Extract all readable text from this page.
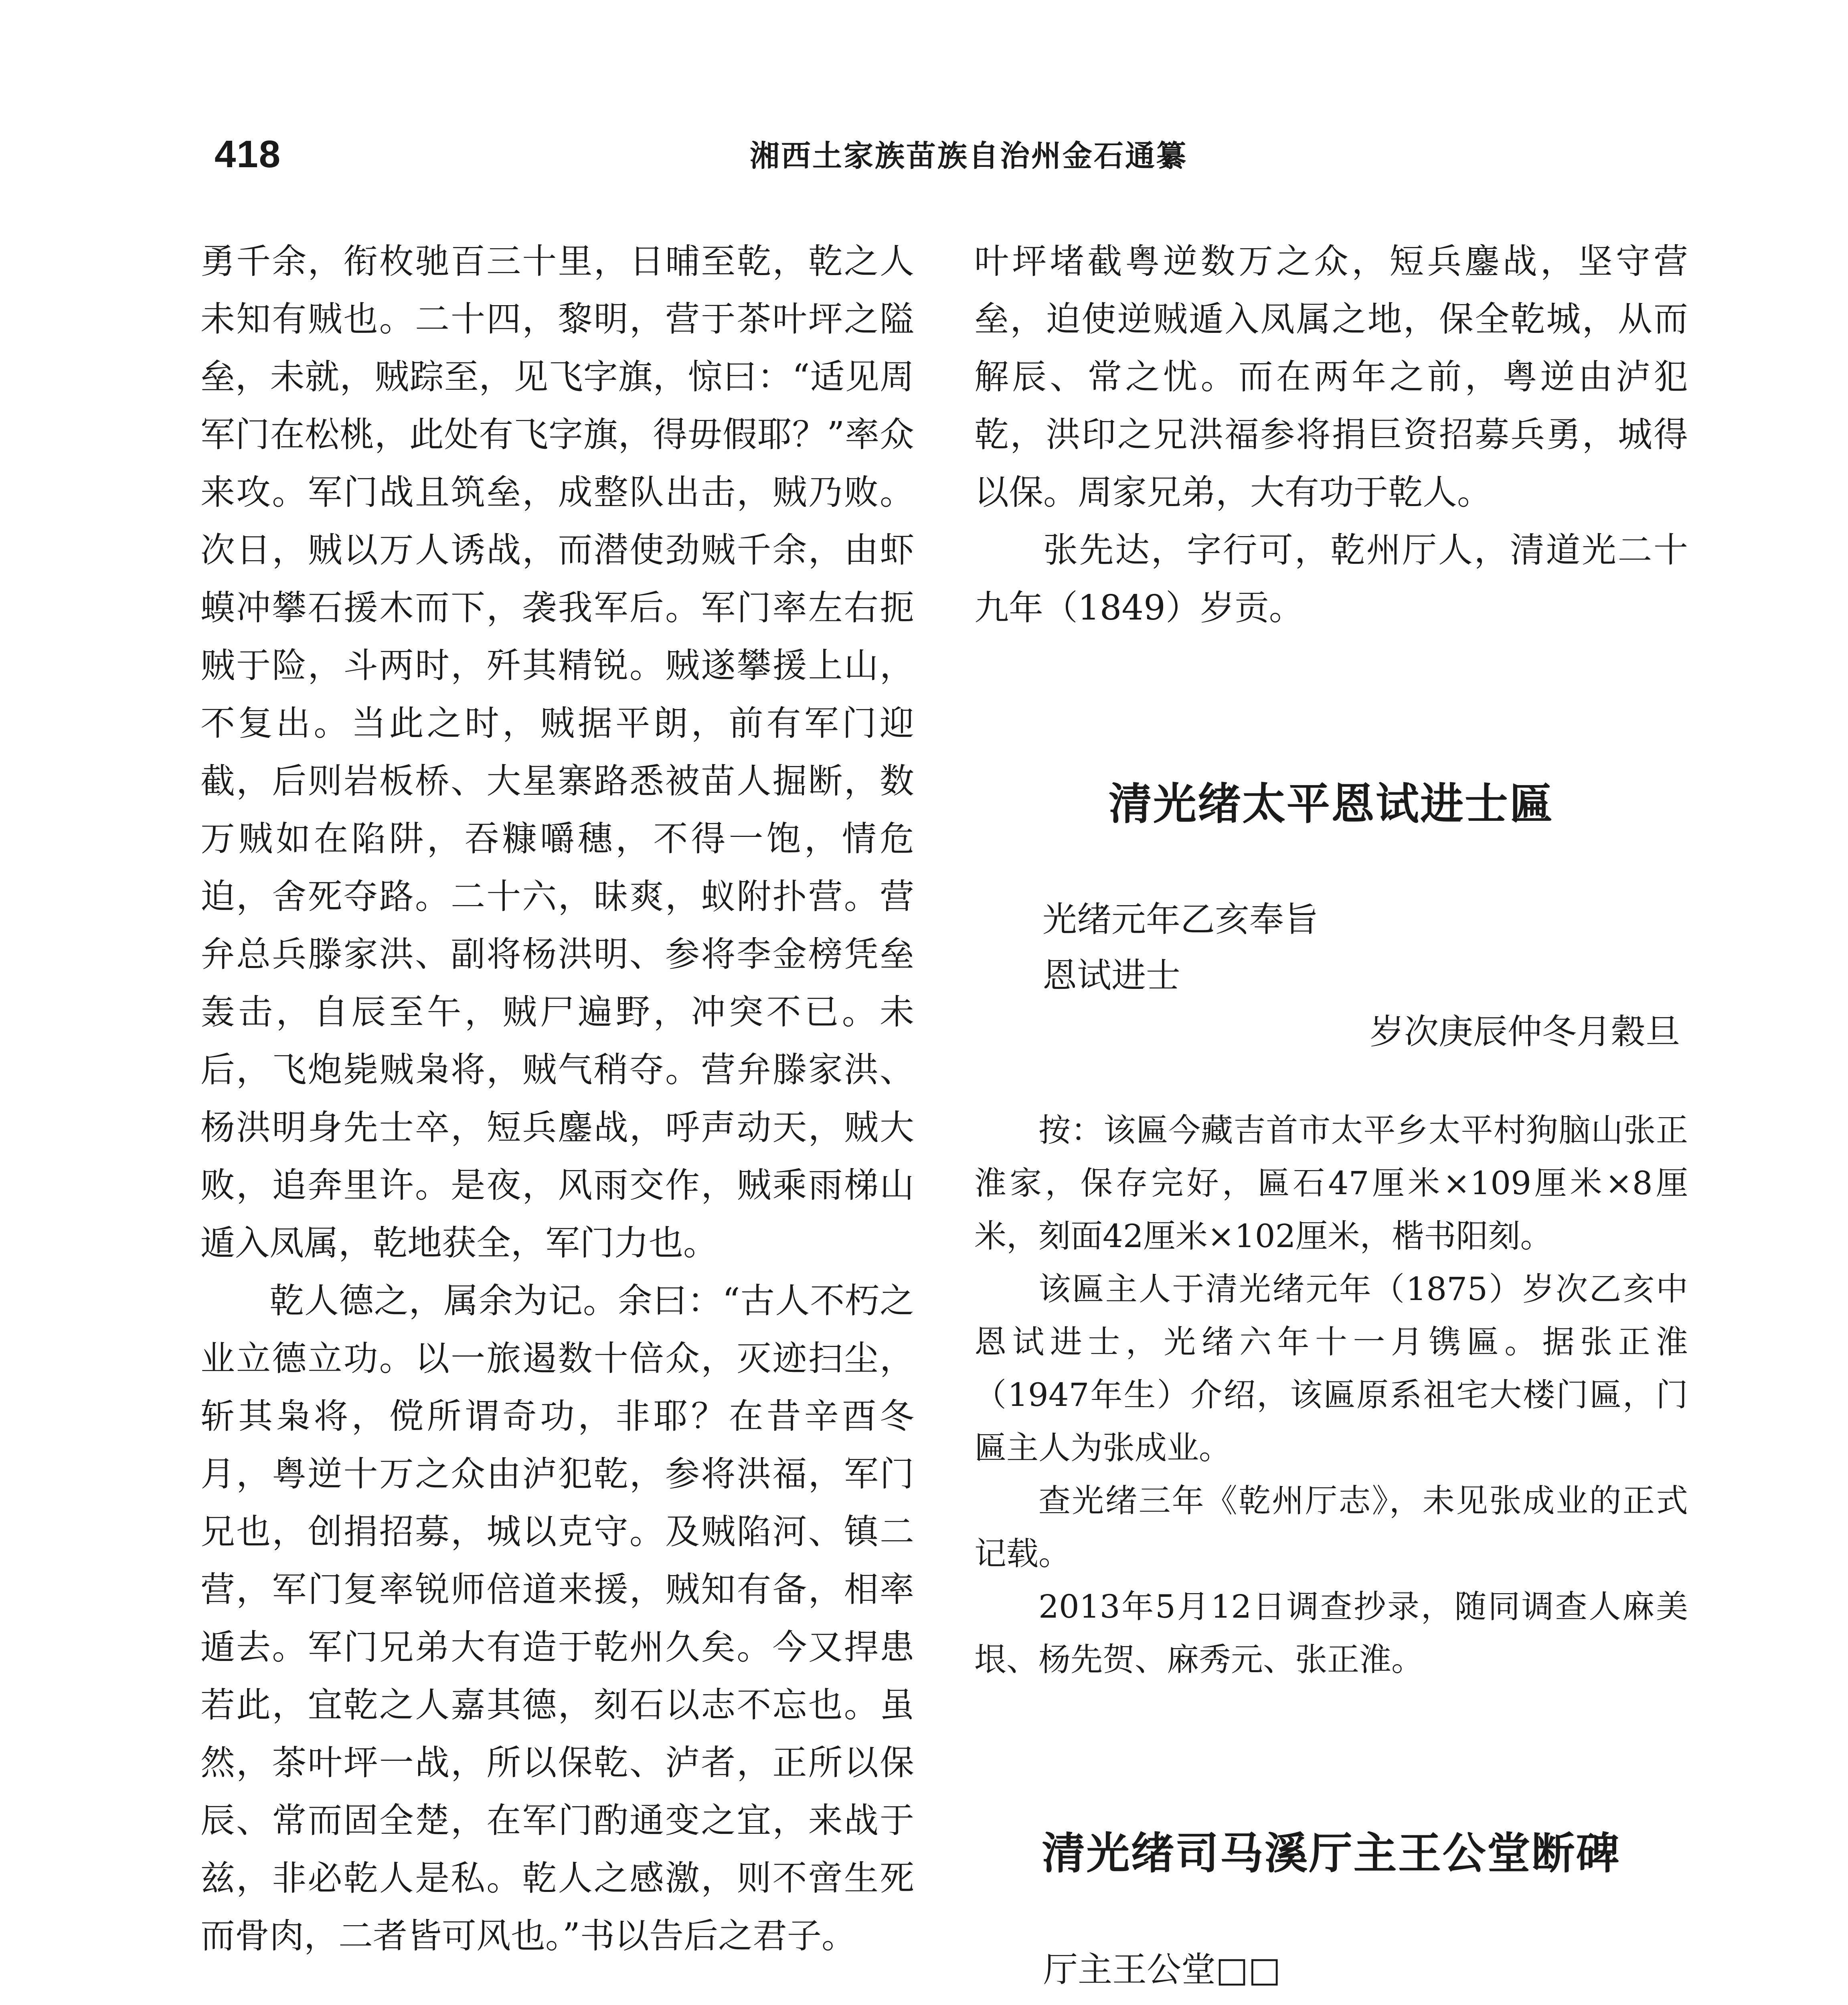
418	湘西土家族苗族自治州金石通纂

勇千余，衔枚驰百三十里，日晡至乾，乾之人未知有贼也。二十四，黎明，营于茶叶坪之隘垒，未就，贼踪至，见飞字旗，惊曰：“适见周军门在松桃，此处有飞字旗，得毋假耶？”率众来攻。军门战且筑垒，成整队出击，贼乃败。次日，贼以万人诱战，而潜使劲贼千余，由虾蟆冲攀石援木而下，袭我军后。军门率左右扼贼于险，斗两时，歼其精锐。贼遂攀援上山，不复出。当此之时，贼据平朗，前有军门迎截，后则岩板桥、大星寨路悉被苗人掘断，数万贼如在陷阱，吞糠嚼穗，不得一饱，情危迫，舍死夺路。二十六，昧爽，蚁附扑营。营弁总兵滕家洪、副将杨洪明、参将李金榜凭垒轰击，自辰至午，贼尸遍野，冲突不已。未后，飞炮毙贼枭将，贼气稍夺。营弁滕家洪、杨洪明身先士卒，短兵鏖战，呼声动天，贼大败，追奔里许。是夜，风雨交作，贼乘雨梯山遁入凤属，乾地获全，军门力也。

乾人德之，属余为记。余曰：“古人不朽之业立德立功。以一旅遏数十倍众，灭迹扫尘，斩其枭将，傥所谓奇功，非耶？在昔辛酉冬月，粤逆十万之众由泸犯乾，参将洪福，军门兄也，创捐招募，城以克守。及贼陷河、镇二营，军门复率锐师倍道来援，贼知有备，相率遁去。军门兄弟大有造于乾州久矣。今又捍患若此，宜乾之人嘉其德，刻石以志不忘也。虽然，茶叶坪一战，所以保乾、泸者，正所以保辰、常而固全楚，在军门酌通变之宜，来战于兹，非必乾人是私。乾人之感激，则不啻生死而骨肉，二者皆可风也。”书以告后之君子。

叶坪堵截粤逆数万之众，短兵鏖战，坚守营垒，迫使逆贼遁入凤属之地，保全乾城，从而解辰、常之忧。而在两年之前，粤逆由泸犯乾，洪印之兄洪福参将捐巨资招募兵勇，城得以保。周家兄弟，大有功于乾人。

张先达，字行可，乾州厅人，清道光二十九年（1849）岁贡。

清光绪太平恩试进士匾

光绪元年乙亥奉旨

恩试进士

岁次庚辰仲冬月穀旦

按：该匾今藏吉首市太平乡太平村狗脑山张正淮家，保存完好，匾石47厘米×109厘米×8厘米，刻面42厘米×102厘米，楷书阳刻。

该匾主人于清光绪元年（1875）岁次乙亥中恩试进士，光绪六年十一月镌匾。据张正淮（1947年生）介绍，该匾原系祖宅大楼门匾，门匾主人为张成业。

查光绪三年《乾州厅志》，未见张成业的正式记载。

2013年5月12日调查抄录，随同调查人麻美垠、杨先贺、麻秀元、张正淮。

清光绪司马溪厅主王公堂断碑

厅主王公堂□□
